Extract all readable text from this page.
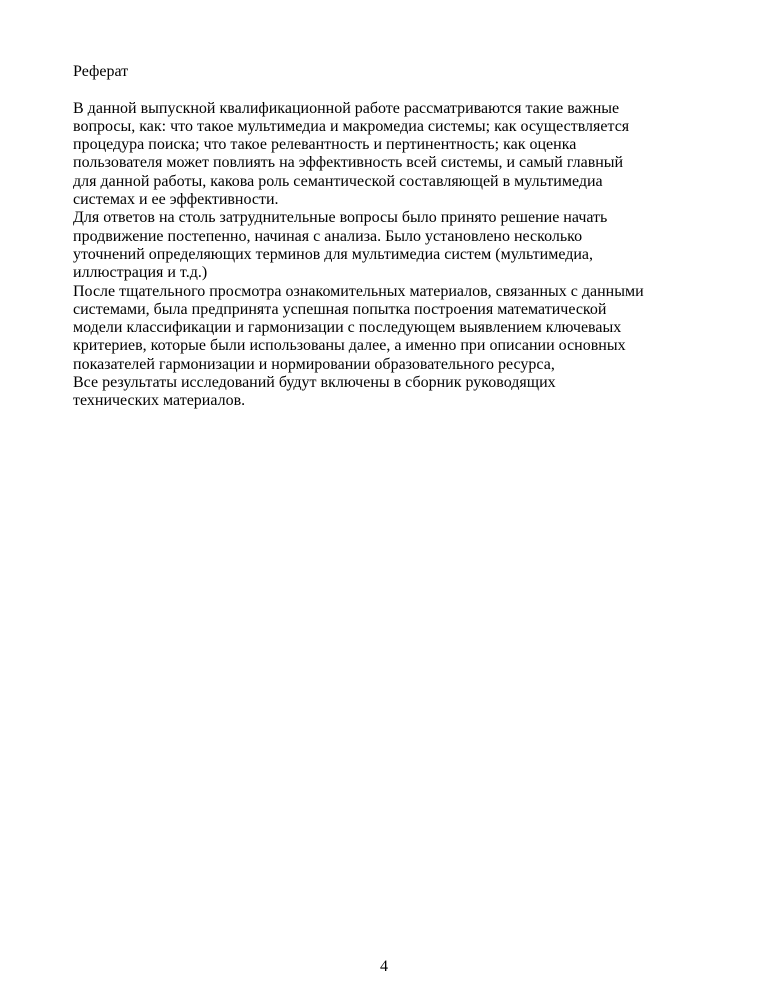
Реферат

В данной выпускной квалификационной работе рассматриваются такие важные
вопросы, как: что такое мультимедиа и макромедиа системы; как осуществляется
процедура поиска; что такое релевантность и пертинентность; как оценка
пользователя может повлиять на эффективность всей системы, и самый главный
для данной работы, какова роль семантической составляющей в мультимедиа
системах и ее эффективности.

Для ответов на столь затруднительные вопросы было принято решение начать
продвижение постепенно, начиная с анализа. Было установлено несколько
уточнений определяющих терминов для мультимедиа систем (мультимедиа,
иллюстрация и т.д.)

После тщательного просмотра ознакомительных материалов, связанных с данными
системами, была предпринята успешная попытка построения математической
модели классификации и гармонизации с последующем выявлением ключеваых
критериев, которые были использованы далее, а именно при описании основных
показателей гармонизации и нормировании образовательного ресурса,

Все результаты исследований будут включены в сборник руководящих
технических материалов.

4
